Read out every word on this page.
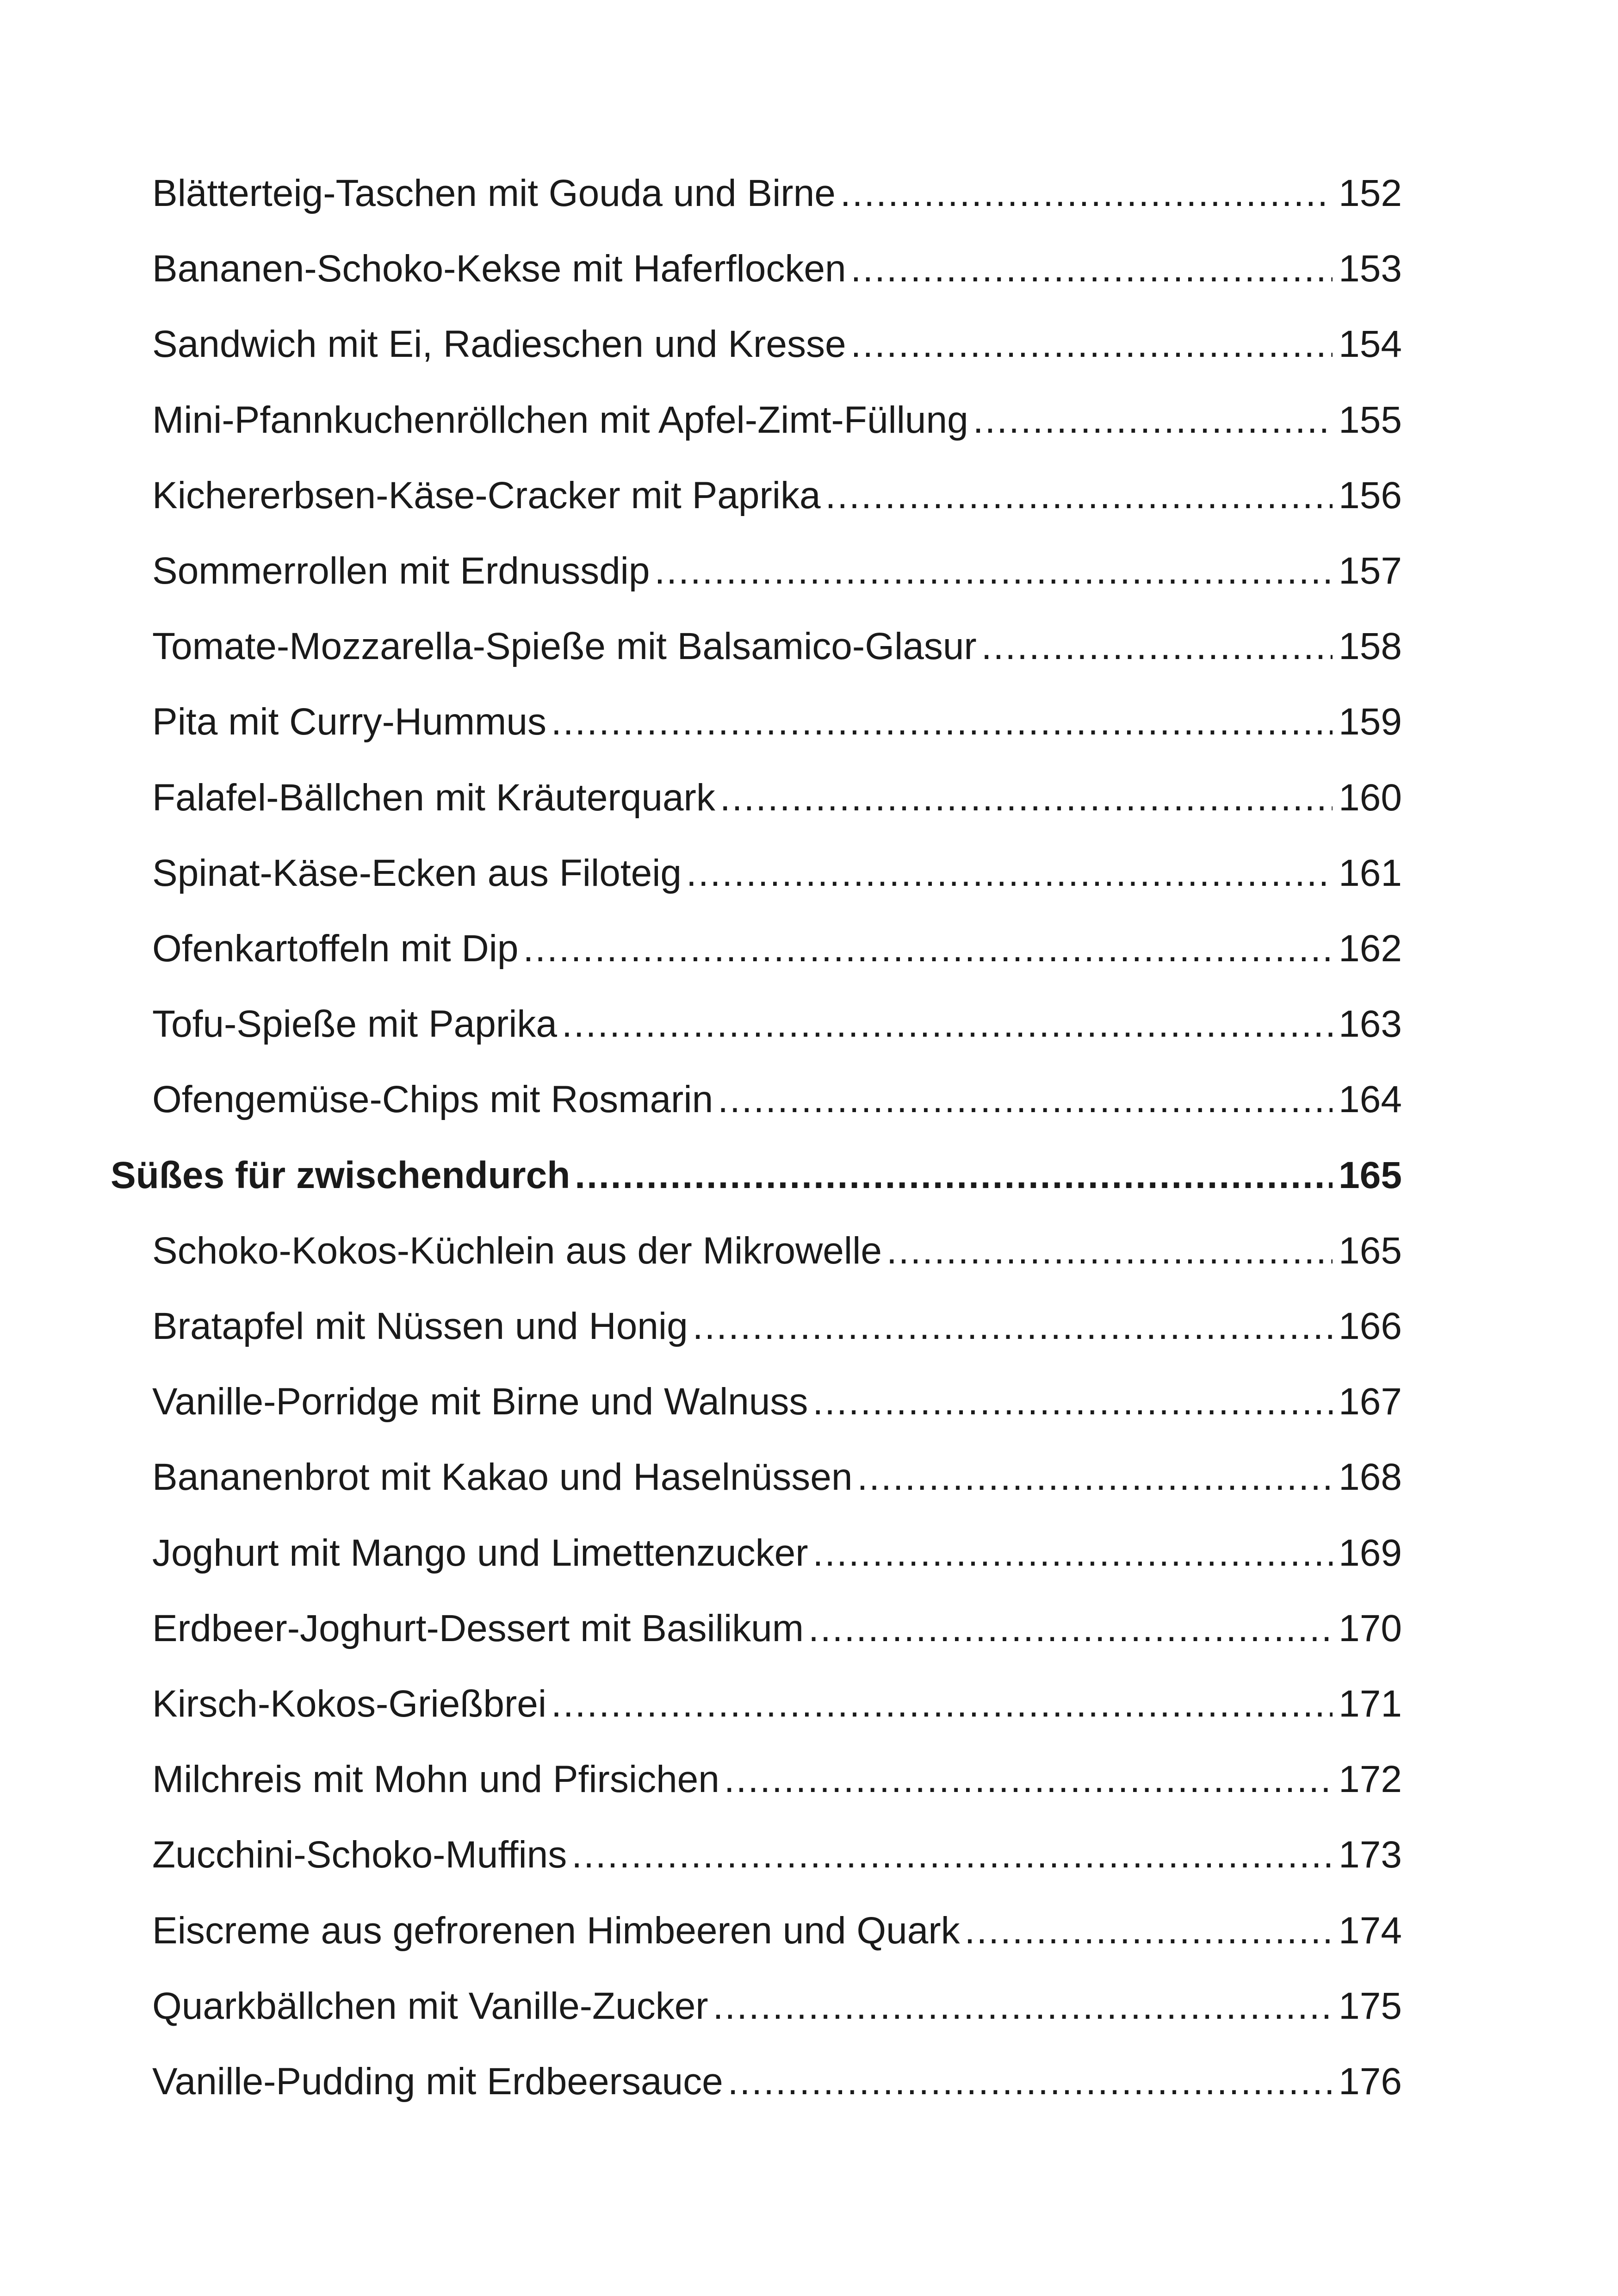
Blätterteig-Taschen mit Gouda und Birne .....	152
Bananen-Schoko-Kekse mit Haferflocken .....	153
Sandwich mit Ei, Radieschen und Kresse .....	154
Mini-Pfannkuchenröllchen mit Apfel-Zimt-Füllung .....	155
Kichererbsen-Käse-Cracker mit Paprika .....	156
Sommerrollen mit Erdnussdip .....	157
Tomate-Mozzarella-Spieße mit Balsamico-Glasur .....	158
Pita mit Curry-Hummus .....	159
Falafel-Bällchen mit Kräuterquark .....	160
Spinat-Käse-Ecken aus Filoteig .....	161
Ofenkartoffeln mit Dip .....	162
Tofu-Spieße mit Paprika .....	163
Ofengemüse-Chips mit Rosmarin .....	164
Süßes für zwischendurch .....	165
Schoko-Kokos-Küchlein aus der Mikrowelle .....	165
Bratapfel mit Nüssen und Honig .....	166
Vanille-Porridge mit Birne und Walnuss .....	167
Bananenbrot mit Kakao und Haselnüssen .....	168
Joghurt mit Mango und Limettenzucker .....	169
Erdbeer-Joghurt-Dessert mit Basilikum .....	170
Kirsch-Kokos-Grießbrei .....	171
Milchreis mit Mohn und Pfirsichen .....	172
Zucchini-Schoko-Muffins .....	173
Eiscreme aus gefrorenen Himbeeren und Quark .....	174
Quarkbällchen mit Vanille-Zucker .....	175
Vanille-Pudding mit Erdbeersauce .....	176
